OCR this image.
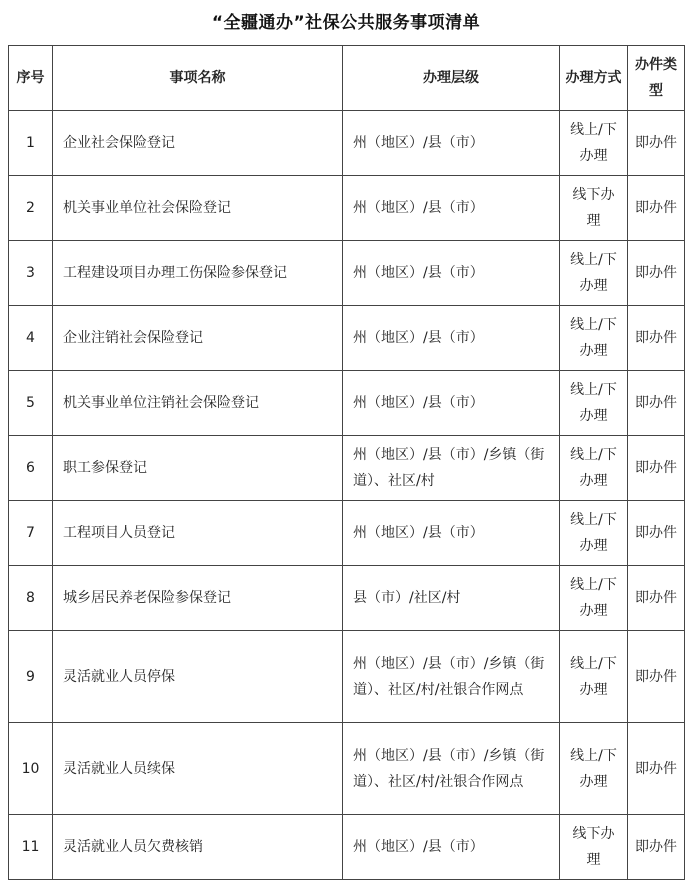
“全疆通办”社保公共服务事项清单
序号	事项名称	办理层级	办理方式	办件类型
1	企业社会保险登记	州（地区）/县（市）	线上/下办理	即办件
2	机关事业单位社会保险登记	州（地区）/县（市）	线下办理	即办件
3	工程建设项目办理工伤保险参保登记	州（地区）/县（市）	线上/下办理	即办件
4	企业注销社会保险登记	州（地区）/县（市）	线上/下办理	即办件
5	机关事业单位注销社会保险登记	州（地区）/县（市）	线上/下办理	即办件
6	职工参保登记	州（地区）/县（市）/乡镇（街道）、社区/村	线上/下办理	即办件
7	工程项目人员登记	州（地区）/县（市）	线上/下办理	即办件
8	城乡居民养老保险参保登记	县（市）/社区/村	线上/下办理	即办件
9	灵活就业人员停保	州（地区）/县（市）/乡镇（街道）、社区/村/社银合作网点	线上/下办理	即办件
10	灵活就业人员续保	州（地区）/县（市）/乡镇（街道）、社区/村/社银合作网点	线上/下办理	即办件
11	灵活就业人员欠费核销	州（地区）/县（市）	线下办理	即办件
